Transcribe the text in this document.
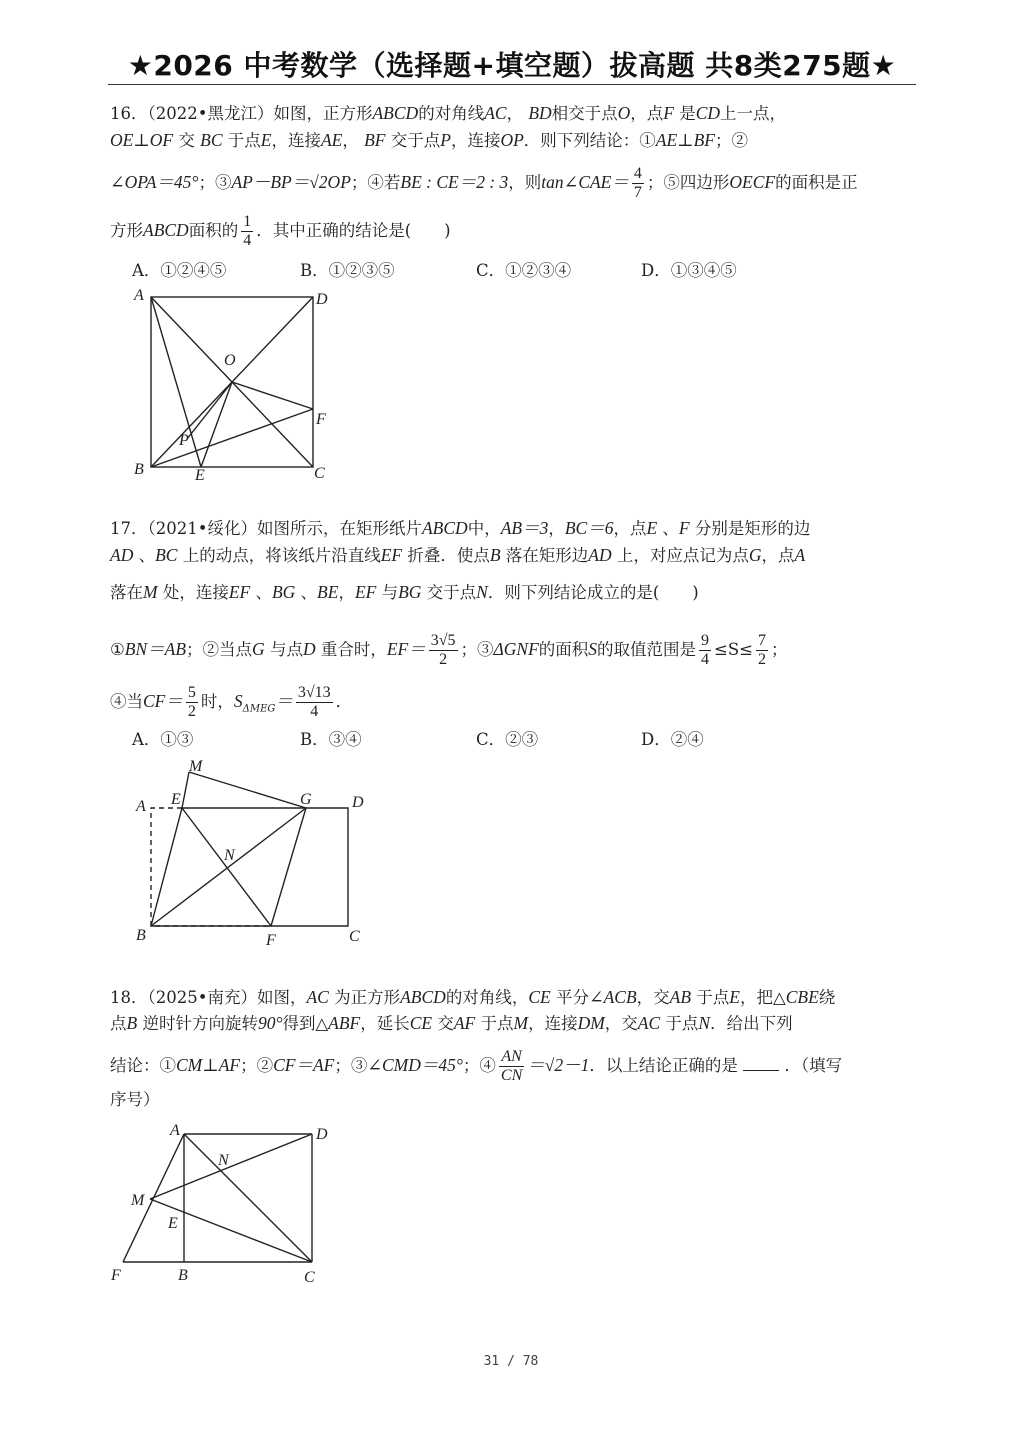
★2026 中考数学（选择题+填空题）拔高题 共8类275题★
16．（2022•黑龙江）如图，正方形ABCD的对角线AC， BD相交于点O，点F 是CD上一点，
OE⊥OF 交 BC 于点E，连接AE， BF 交于点P，连接OP．则下列结论：①AE⊥BF；②
∠OPA＝45°；③AP－BP＝√2OP；④若BE : CE＝2 : 3，则tan∠CAE＝ $\frac{4}{7}$ ；⑤四边形OECF的面积是正
方形ABCD面积的 $\frac{1}{4}$ ．其中正确的结论是(　　)
A．①②④⑤	B．①②③⑤	C．①②③④	D．①③④⑤
A	D
O
F
P
B	E	C
17．（2021•绥化）如图所示，在矩形纸片ABCD中，AB＝3，BC＝6，点E 、F 分别是矩形的边
AD 、BC 上的动点，将该纸片沿直线EF 折叠．使点B 落在矩形边AD 上，对应点记为点G，点A
落在M 处，连接EF 、BG 、BE，EF 与BG 交于点N．则下列结论成立的是(　　)
①BN＝AB；②当点G 与点D 重合时，$EF= \frac{3√5}{2}$ ；③ΔGNF的面积S的取值范围是 $\frac{9}{4} \le S\le \frac{7}{2}$ ；
④当$CF= \frac{5}{2}$ 时，$S_{\Delta MEG}= \frac{3√13}{4}$ ．
A．①③	B．③④	C．②③	D．②④
M
A E	G	D
N
B	F	C
18．（2025•南充）如图，AC 为正方形ABCD的对角线，CE 平分∠ACB，交AB 于点E，把△CBE绕
点B 逆时针方向旋转90°得到△ABF，延长CE 交AF 于点M，连接DM，交AC 于点N．给出下列
结论：①CM⊥AF；②CF＝AF；③∠CMD＝45°；④ $\frac{AN}{CN} =√2-1$．以上结论正确的是	．（填写
序号）
A	D
N
M
E
F	B	C
31 / 78
